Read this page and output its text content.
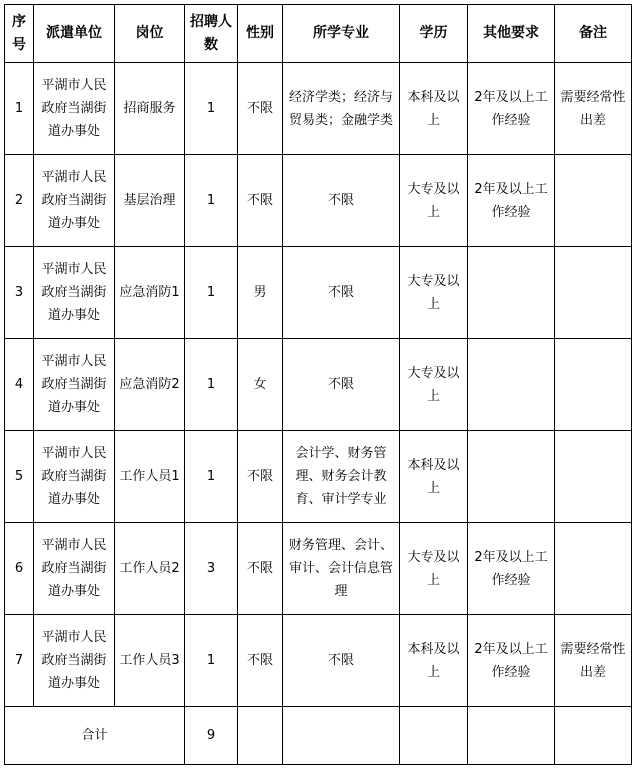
序号	派遣单位	岗位	招聘人数	性别	所学专业	学历	其他要求	备注
1	平湖市人民政府当湖街道办事处	招商服务	1	不限	经济学类；经济与贸易类；金融学类	本科及以上	2年及以上工作经验	需要经常性出差
2	平湖市人民政府当湖街道办事处	基层治理	1	不限	不限	大专及以上	2年及以上工作经验	
3	平湖市人民政府当湖街道办事处	应急消防1	1	男	不限	大专及以上		
4	平湖市人民政府当湖街道办事处	应急消防2	1	女	不限	大专及以上		
5	平湖市人民政府当湖街道办事处	工作人员1	1	不限	会计学、财务管理、财务会计教育、审计学专业	本科及以上		
6	平湖市人民政府当湖街道办事处	工作人员2	3	不限	财务管理、会计、审计、会计信息管理	大专及以上	2年及以上工作经验	
7	平湖市人民政府当湖街道办事处	工作人员3	1	不限	不限	本科及以上	2年及以上工作经验	需要经常性出差
合计			9					
